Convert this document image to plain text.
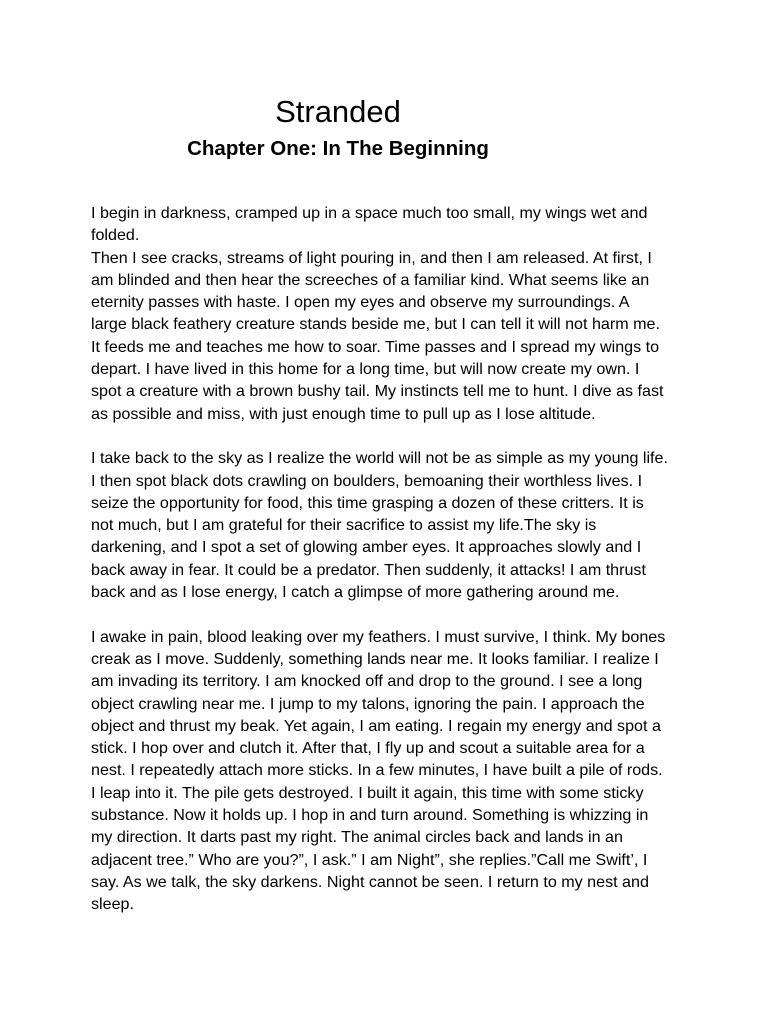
Stranded
Chapter One: In The Beginning
I begin in darkness, cramped up in a space much too small, my wings wet and
folded.
Then I see cracks, streams of light pouring in, and then I am released. At first, I
am blinded and then hear the screeches of a familiar kind. What seems like an
eternity passes with haste. I open my eyes and observe my surroundings. A
large black feathery creature stands beside me, but I can tell it will not harm me.
It feeds me and teaches me how to soar. Time passes and I spread my wings to
depart. I have lived in this home for a long time, but will now create my own. I
spot a creature with a brown bushy tail. My instincts tell me to hunt. I dive as fast
as possible and miss, with just enough time to pull up as I lose altitude.
I take back to the sky as I realize the world will not be as simple as my young life.
I then spot black dots crawling on boulders, bemoaning their worthless lives. I
seize the opportunity for food, this time grasping a dozen of these critters. It is
not much, but I am grateful for their sacrifice to assist my life.The sky is
darkening, and I spot a set of glowing amber eyes. It approaches slowly and I
back away in fear. It could be a predator. Then suddenly, it attacks! I am thrust
back and as I lose energy, I catch a glimpse of more gathering around me.
I awake in pain, blood leaking over my feathers. I must survive, I think. My bones
creak as I move. Suddenly, something lands near me. It looks familiar. I realize I
am invading its territory. I am knocked off and drop to the ground. I see a long
object crawling near me. I jump to my talons, ignoring the pain. I approach the
object and thrust my beak. Yet again, I am eating. I regain my energy and spot a
stick. I hop over and clutch it. After that, I fly up and scout a suitable area for a
nest. I repeatedly attach more sticks. In a few minutes, I have built a pile of rods.
I leap into it. The pile gets destroyed. I built it again, this time with some sticky
substance. Now it holds up. I hop in and turn around. Something is whizzing in
my direction. It darts past my right. The animal circles back and lands in an
adjacent tree.” Who are you?”, I ask.” I am Night”, she replies.”Call me Swift’, I
say. As we talk, the sky darkens. Night cannot be seen. I return to my nest and
sleep.
